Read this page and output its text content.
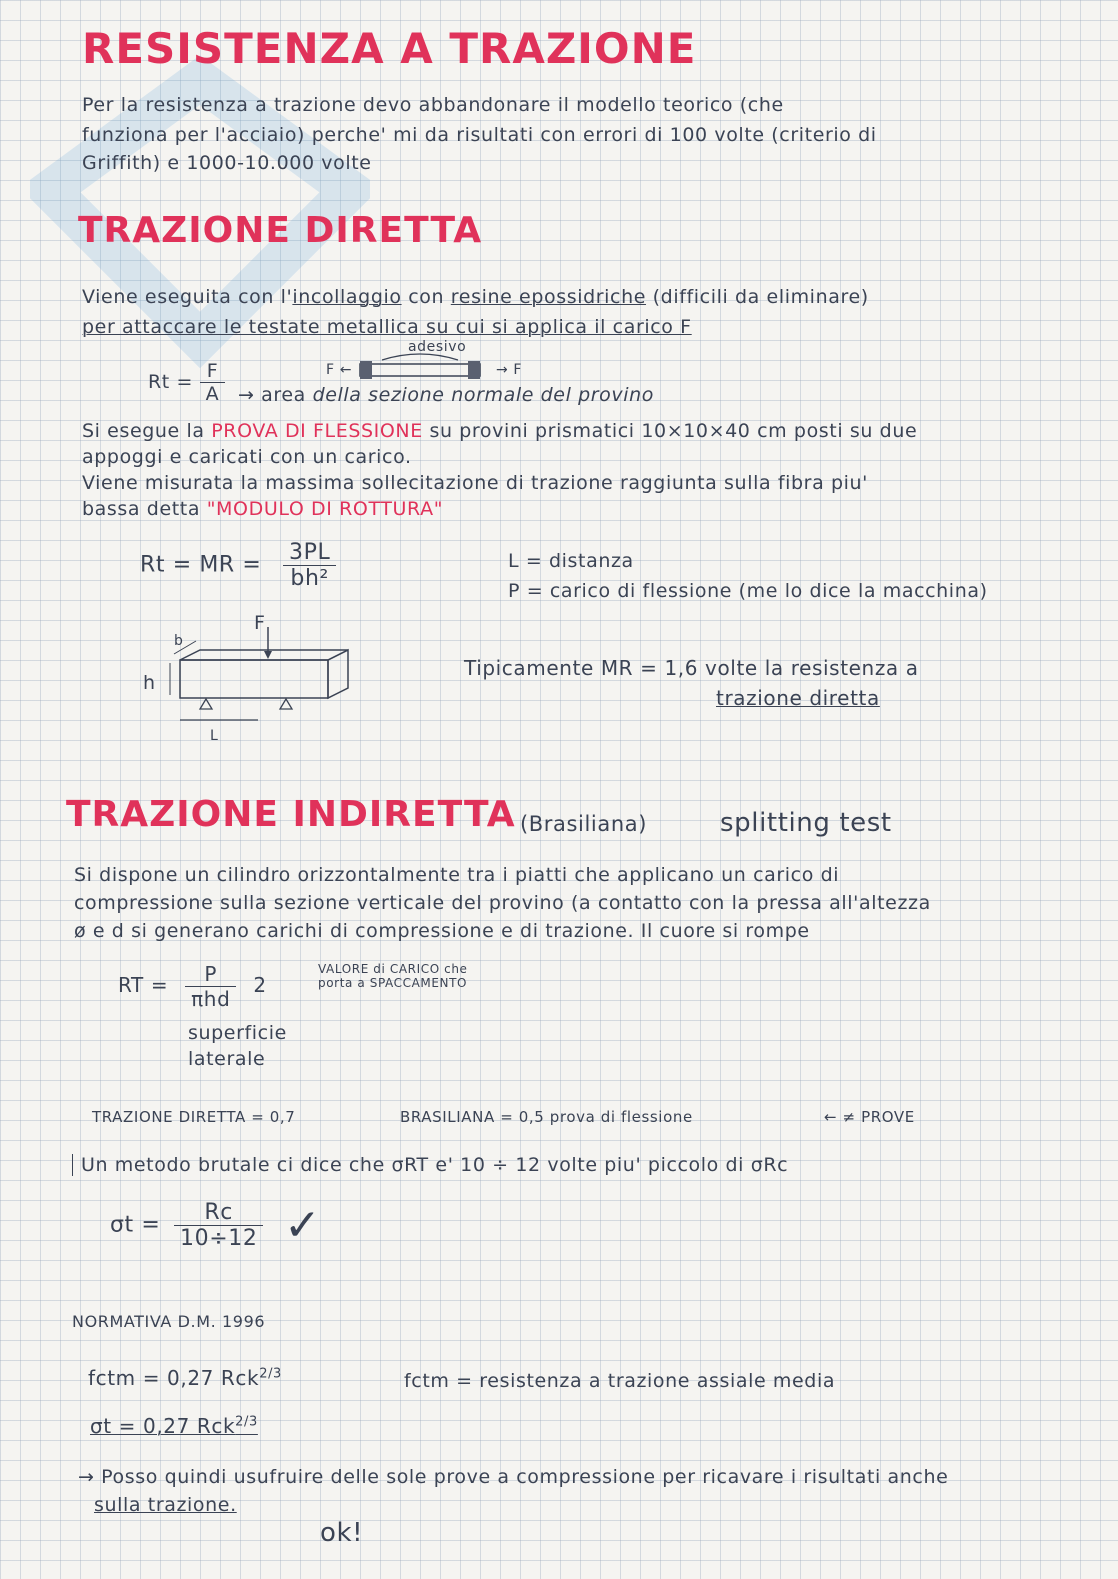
RESISTENZA A TRAZIONE
Per la resistenza a trazione devo abbandonare il modello teorico (che
funziona per l'acciaio) perche' mi da risultati con errori di 100 volte (criterio di
Griffith) e 1000-10.000 volte
TRAZIONE DIRETTA
Viene eseguita con l'incollaggio con resine epossidriche (difficili da eliminare)
per attaccare le testate metallica su cui si applica il carico F
$Rt = \frac{F}{A}$	F ←
adesivo
→ F
→ area della sezione normale del provino
Si esegue la PROVA DI FLESSIONE su provini prismatici 10×10×40 cm posti su due
appoggi e caricati con un carico.
Viene misurata la massima sollecitazione di trazione raggiunta sulla fibra piu'
bassa detta "MODULO DI ROTTURA"
Rt = MR = $\frac{3PL}{\text{bh²}}$	L = distanza
P = carico di flessione (me lo dice la macchina)
F
b
h
L
Tipicamente MR = 1,6 volte la resistenza a
trazione diretta
TRAZIONE INDIRETTA (Brasiliana)	splitting test
Si dispone un cilindro orizzontalmente tra i piatti che applicano un carico di
compressione sulla sezione verticale del provino (a contatto con la pressa all'altezza
ø e d si generano carichi di compressione e di trazione. Il cuore si rompe
RT = $\frac{P}{\text{πhd}} 2$
VALORE di CARICO che
porta a SPACCAMENTO
superficie
laterale
TRAZIONE DIRETTA = 0,7	BRASILIANA = 0,5 prova di flessione	← ≠ PROVE
Un metodo brutale ci dice che σRT e' 10 ÷ 12 volte piu' piccolo di σRc
$\sigma t = \frac{Rc}{10\div 12}$ ✓
NORMATIVA D.M. 1996
fctm = 0,27 Rck$^{2/3}$	fctm = resistenza a trazione assiale media
σt = 0,27 Rck$^{2/3}$
→ Posso quindi usufruire delle sole prove a compressione per ricavare i risultati anche
sulla trazione.
ok!
